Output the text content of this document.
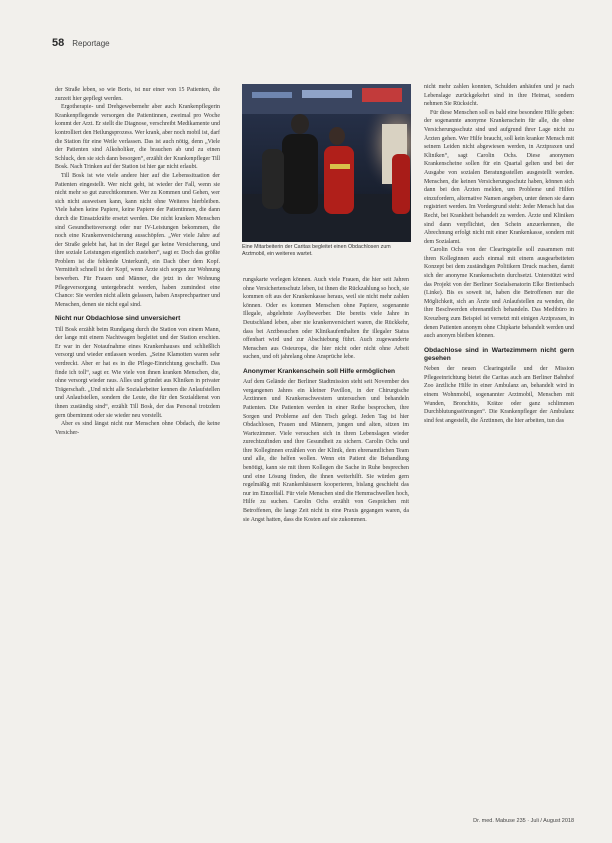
58 Reportage

der Straße leben, so wie Boris, ist nur einer von 15 Patienten, die zurzeit hier gepflegt werden.

Ergotherapie- und Drehgewebemehr aber auch Krankenpflegerin Krankenpflegende versorgen die Patientinnen, zweimal pro Woche kommt der Arzt. Er stellt die Diagnose, verschreibt Medikamente und kontrolliert den Heilungsprozess. Wer krank, aber noch mobil ist, darf die Station für eine Weile verlassen. Das ist auch nötig, denn „Viele der Patienten sind Alkoholiker, die brauchen ab und zu einen Schluck, den sie sich dann besorgen“, erzählt der Krankenpfleger Till Bosk. Nach Trinken auf der Station ist hier gar nicht erlaubt.

Till Bosk ist wie viele andere hier auf die Lebenssituation der Patienten eingestellt. Wer nicht geht, ist wieder der Fall, wenn sie nicht mehr so gut zurechtkommen. Wer zu Kommen und Gehen, wer sich nicht ausweisen kann, kann nicht ohne Weiteres hierbleiben. Viele haben keine Papiere, keine Papiere der Patientinnen, die dann durch die Einsatzkräfte ersetzt werden. Die nicht kranken Menschen sind Gesundheitsversorgt oder nur IV-Leistungen bekommen, die noch eine Krankenversicherung ausschöpfen. „Wer viele Jahre auf der Straße gelebt hat, hat in der Regel gar keine Versicherung, und ihre soziale Leistungen eigentlich zustehen“, sagt er. Doch das größte Problem ist die fehlende Unterkunft, ein Dach über dem Kopf. Vermittelt schnell ist der Kopf, wenn Ärzte sich sorgen zur Wohnung bewerben. Für Frauen und Männer, die jetzt in der Wohnung Pflegeversorgung untergebracht werden, haben zumindest eine Chance: Sie werden nicht allein gelassen, haben Ansprechpartner und Menschen, denen sie nicht egal sind.

Nicht nur Obdachlose sind unversichert

Till Bosk erzählt beim Rundgang durch die Station von einem Mann, der lange mit einem Nachtwagen begleitet und der Station erschien. Er war in der Notaufnahme eines Krankenhauses und schließlich versorgt und wieder entlassen worden. „Seine Klamotten waren sehr verdreckt. Aber er hat es in die Pflege-Einrichtung geschafft. Das finde ich toll“, sagt er. Wie viele von ihnen kranken Menschen, die, ohne versorgt wieder raus. Alles und gründet aus Kliniken in privater Trägerschaft. „Und nicht alle Sozialarbeiter kennen die Anlaufstellen und Anlaufstellen, sondern die Leute, die für den Sozialdienst von ihnen zuständig sind“, erzählt Till Bosk, der das Personal trotzdem gern übernimmt oder sie wieder neu vorstellt.

Aber es sind längst nicht nur Menschen ohne Obdach, die keine Versicher-

Eine Mitarbeiterin der Caritas begleitet einen Obdachlosen zum Arztmobil, ein weiteres wartet.

rungskarte vorlegen können. Auch viele Frauen, die hier seit Jahren ohne Versichertenschutz leben, ist ihnen die Rückzahlung so hoch, sie kommen oft aus der Krankenkasse heraus, weil sie nicht mehr zahlen können. Oder es kommen Menschen ohne Papiere, sogenannte Illegale, abgelehnte Asylbewerber. Die bereits viele Jahre in Deutschland leben, aber nie krankenversichert waren, die Rückkehr, dass bei Arztbesuchen oder Klinikaufenthalten ihr illegaler Status offenbart wird und zur Abschiebung führt. Auch zugewanderte Menschen aus Osteuropa, die hier nicht oder nicht ohne Arbeit suchen, und oft jahrelang ohne Ansprüche lebe.

Anonymer Krankenschein soll Hilfe ermöglichen

Auf dem Gelände der Berliner Stadtmission steht seit November des vergangenen Jahres ein kleiner Pavillon, in der Chirurgische Ärztinnen und Krankenschwestern untersuchen und behandeln Patienten. Die Patienten werden in einer Reihe besprochen, ihre Sorgen und Probleme auf den Tisch gelegt. Jeden Tag ist hier Obdachlosen, Frauen und Männern, jungen und alten, sitzen im Wartezimmer. Viele versuchen sich in ihren Lebenslagen wieder zurechtzufinden und ihre Gesundheit zu sichern. Carolin Ochs und ihre Kolleginnen erzählen von der Klinik, dem ehrenamtlichen Team und alle, die helfen wollen. Wenn ein Patient die Behandlung benötigt, kann sie mit ihren Kollegen die Sache in Ruhe besprechen und eine Lösung finden, die ihnen weiterhilft. Sie würden gern regelmäßig mit Krankenhäusern kooperieren, bislang geschieht das nur im Einzelfall. Für viele Menschen sind die Hemmschwellen hoch, Hilfe zu suchen. Carolin Ochs erzählt von Gesprächen mit Betroffenen, die lange Zeit nicht in eine Praxis gegangen waren, da sie Angst hatten, dass die Kosten auf sie zukommen.

nicht mehr zahlen konnten, Schulden anhäufen und je nach Lebenslage zurückgekehrt sind in ihre Heimat, sondern nehmen Sie Rücksicht.

Für diese Menschen soll es bald eine besondere Hilfe geben: der sogenannte anonyme Krankenschein für alle, die ohne Versicherungsschutz sind und aufgrund ihrer Lage nicht zu Ärzten gehen. Wer Hilfe braucht, soll kein kranker Mensch mit seinem Leiden nicht abgewiesen werden, in Arztpraxen und Kliniken“, sagt Carolin Ochs. Diese anonymen Krankenscheine sollen für ein Quartal gelten und bei der Ausgabe von sozialen Beratungsstellen ausgestellt werden. Menschen, die keinen Versicherungsschutz haben, können sich dann bei den Ärzten melden, um Probleme und Hilfen einzufordern, alternative Namen angeben, unter denen sie dann registriert werden. Im Vordergrund steht: Jeder Mensch hat das Recht, bei Krankheit behandelt zu werden. Ärzte und Kliniken sind dann verpflichtet, den Schein anzuerkennen, die Abrechnung erfolgt nicht mit einer Krankenkasse, sondern mit dem Sozialamt.

Carolin Ochs von der Clearingstelle soll zusammen mit ihren Kolleginnen auch einmal mit einem ausgearbeiteten Konzept bei dem zuständigen Politikern Druck machen, damit sich der anonyme Krankenschein durchsetzt. Unterstützt wird das Projekt von der Berliner Sozialsenatorin Elke Breitenbach (Linke). Bis es soweit ist, haben die Betroffenen nur die Möglichkeit, sich an Ärzte und Anlaufstellen zu wenden, die ihre Beschwerden ehrenamtlich behandeln. Das Medibüro in Kreuzberg zum Beispiel ist vernetzt mit einigen Arztpraxen, in denen Patienten anonym ohne Chipkarte behandelt werden und auch anonym bleiben können.

Obdachlose sind in Wartezimmern nicht gern gesehen

Neben der neuen Clearingstelle und der Mission Pflegeeinrichtung bietet die Caritas auch am Berliner Bahnhof Zoo ärztliche Hilfe in einer Ambulanz an, behandelt wird in einem Wohnmobil, sogenannter Arztmobil, Menschen mit Wunden, Bronchitis, Krätze oder ganz schlimmen Durchblutungsstörungen“. Die Krankenpfleger der Ambulanz sind fest angestellt, die Ärztinnen, die hier arbeiten, tun das

Dr. med. Mabuse 235 · Juli / August 2018
